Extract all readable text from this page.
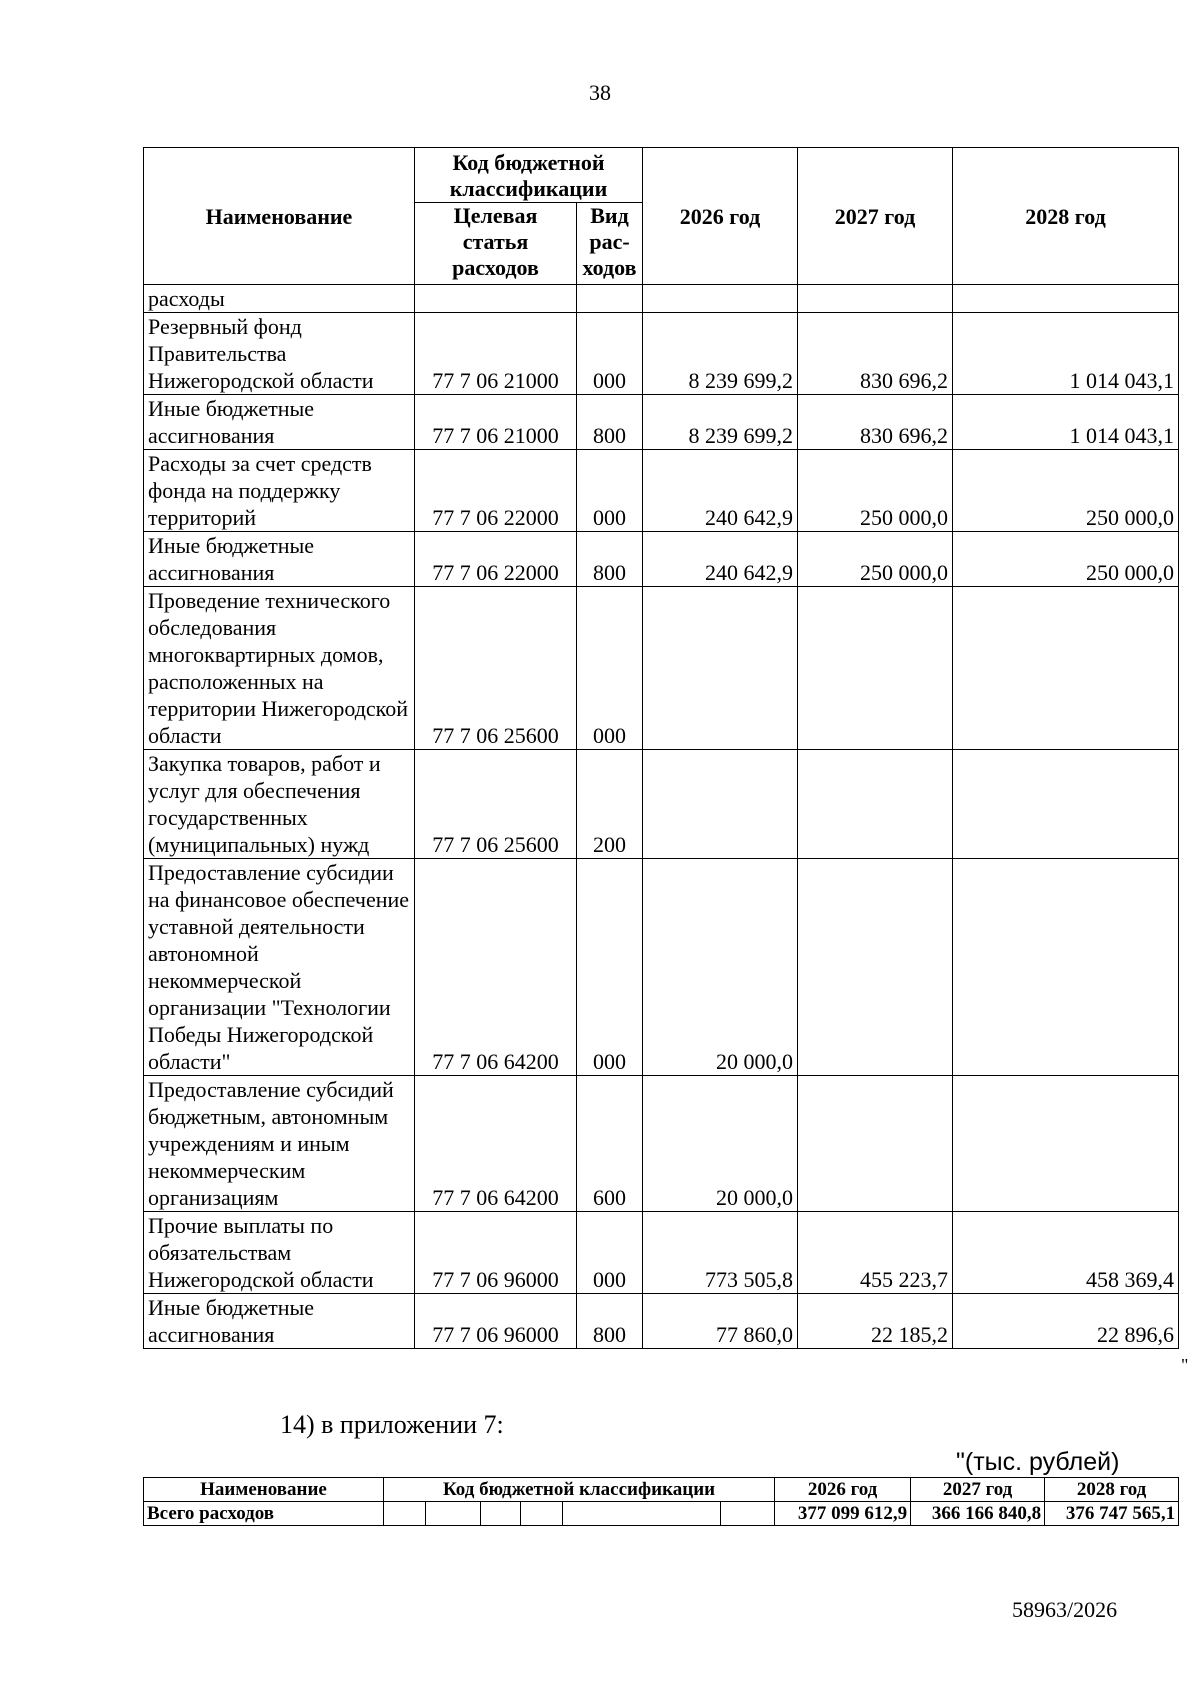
38
Наименование	Код бюджетной классификации		2026 год	2027 год	2028 год
	Целевая статья расходов	Вид рас-ходов			
расходы					
Резервный фонд Правительства Нижегородской области	77 7 06 21000	000	8 239 699,2	830 696,2	1 014 043,1
Иные бюджетные ассигнования	77 7 06 21000	800	8 239 699,2	830 696,2	1 014 043,1
Расходы за счет средств фонда на поддержку территорий	77 7 06 22000	000	240 642,9	250 000,0	250 000,0
Иные бюджетные ассигнования	77 7 06 22000	800	240 642,9	250 000,0	250 000,0
Проведение технического обследования многоквартирных домов, расположенных на территории Нижегородской области	77 7 06 25600	000			
Закупка товаров, работ и услуг для обеспечения государственных (муниципальных) нужд	77 7 06 25600	200			
Предоставление субсидии на финансовое обеспечение уставной деятельности автономной некоммерческой организации "Технологии Победы Нижегородской области"	77 7 06 64200	000	20 000,0		
Предоставление субсидий бюджетным, автономным учреждениям и иным некоммерческим организациям	77 7 06 64200	600	20 000,0		
Прочие выплаты по обязательствам Нижегородской области	77 7 06 96000	000	773 505,8	455 223,7	458 369,4
Иные бюджетные ассигнования	77 7 06 96000	800	77 860,0	22 185,2	22 896,6
"
14) в приложении 7:
"(тыс. рублей)
Наименование	Код бюджетной классификации						2026 год	2027 год	2028 год
Всего расходов							377 099 612,9	366 166 840,8	376 747 565,1
58963/2026
